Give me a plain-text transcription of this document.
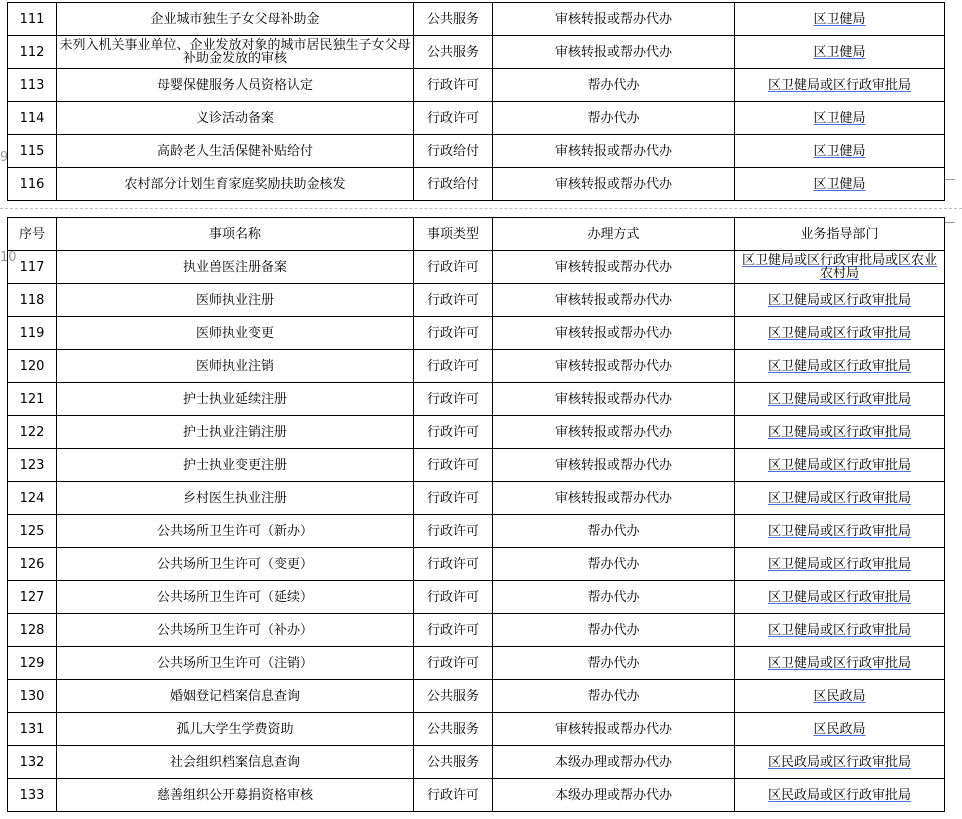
9
10
111	企业城市独生子女父母补助金	公共服务	审核转报或帮办代办	区卫健局
112	未列入机关事业单位、企业发放对象的城市居民独生子女父母补助金发放的审核	公共服务	审核转报或帮办代办	区卫健局
113	母婴保健服务人员资格认定	行政许可	帮办代办	区卫健局或区行政审批局
114	义诊活动备案	行政许可	帮办代办	区卫健局
115	高龄老人生活保健补贴给付	行政给付	审核转报或帮办代办	区卫健局
116	农村部分计划生育家庭奖励扶助金核发	行政给付	审核转报或帮办代办	区卫健局
序号	事项名称	事项类型	办理方式	业务指导部门
117	执业兽医注册备案	行政许可	审核转报或帮办代办	区卫健局或区行政审批局或区农业农村局
118	医师执业注册	行政许可	审核转报或帮办代办	区卫健局或区行政审批局
119	医师执业变更	行政许可	审核转报或帮办代办	区卫健局或区行政审批局
120	医师执业注销	行政许可	审核转报或帮办代办	区卫健局或区行政审批局
121	护士执业延续注册	行政许可	审核转报或帮办代办	区卫健局或区行政审批局
122	护士执业注销注册	行政许可	审核转报或帮办代办	区卫健局或区行政审批局
123	护士执业变更注册	行政许可	审核转报或帮办代办	区卫健局或区行政审批局
124	乡村医生执业注册	行政许可	审核转报或帮办代办	区卫健局或区行政审批局
125	公共场所卫生许可（新办）	行政许可	帮办代办	区卫健局或区行政审批局
126	公共场所卫生许可（变更）	行政许可	帮办代办	区卫健局或区行政审批局
127	公共场所卫生许可（延续）	行政许可	帮办代办	区卫健局或区行政审批局
128	公共场所卫生许可（补办）	行政许可	帮办代办	区卫健局或区行政审批局
129	公共场所卫生许可（注销）	行政许可	帮办代办	区卫健局或区行政审批局
130	婚姻登记档案信息查询	公共服务	帮办代办	区民政局
131	孤儿大学生学费资助	公共服务	审核转报或帮办代办	区民政局
132	社会组织档案信息查询	公共服务	本级办理或帮办代办	区民政局或区行政审批局
133	慈善组织公开募捐资格审核	行政许可	本级办理或帮办代办	区民政局或区行政审批局
